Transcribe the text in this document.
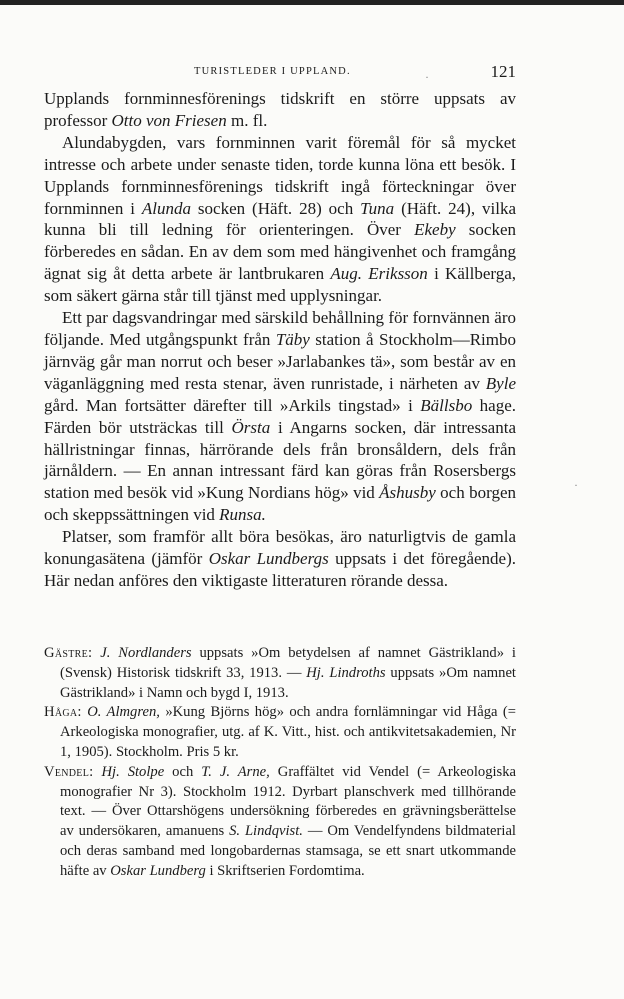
TURISTLEDER I UPPLAND.	121

Upplands fornminnesförenings tidskrift en större uppsats av professor Otto von Friesen m. fl.

Alundabygden, vars fornminnen varit föremål för så mycket intresse och arbete under senaste tiden, torde kunna löna ett besök. I Upplands fornminnesförenings tidskrift ingå förteckningar över fornminnen i Alunda socken (Häft. 28) och Tuna (Häft. 24), vilka kunna bli till ledning för orienteringen. Över Ekeby socken förberedes en sådan. En av dem som med hängivenhet och framgång ägnat sig åt detta arbete är lantbrukaren Aug. Eriksson i Källberga, som säkert gärna står till tjänst med upplysningar.

Ett par dagsvandringar med särskild behållning för fornvännen äro följande. Med utgångspunkt från Täby station å Stockholm—Rimbo järnväg går man norrut och beser »Jarlabankes tä», som består av en väganläggning med resta stenar, även runristade, i närheten av Byle gård. Man fortsätter därefter till »Arkils tingstad» i Bällsbo hage. Färden bör utsträckas till Örsta i Angarns socken, där intressanta hällristningar finnas, härrörande dels från bronsåldern, dels från järnåldern. — En annan intressant färd kan göras från Rosersbergs station med besök vid »Kung Nordians hög» vid Åshusby och borgen och skeppssättningen vid Runsa.

Platser, som framför allt böra besökas, äro naturligtvis de gamla konungasätena (jämför Oskar Lundbergs uppsats i det föregående). Här nedan anföres den viktigaste litteraturen rörande dessa.

Gästre: J. Nordlanders uppsats »Om betydelsen af namnet Gästrikland» i (Svensk) Historisk tidskrift 33, 1913. — Hj. Lindroths uppsats »Om namnet Gästrikland» i Namn och bygd I, 1913.

Håga: O. Almgren, »Kung Björns hög» och andra fornlämningar vid Håga (= Arkeologiska monografier, utg. af K. Vitt., hist. och antikvitetsakademien, Nr 1, 1905). Stockholm. Pris 5 kr.

Vendel: Hj. Stolpe och T. J. Arne, Graffältet vid Vendel (= Arkeologiska monografier Nr 3). Stockholm 1912. Dyrbart planschverk med tillhörande text. — Över Ottarshögens undersökning förberedes en grävningsberättelse av undersökaren, amanuens S. Lindqvist. — Om Vendelfyndens bildmaterial och deras samband med longobardernas stamsaga, se ett snart utkommande häfte av Oskar Lundberg i Skriftserien Fordomtima.

·
·
